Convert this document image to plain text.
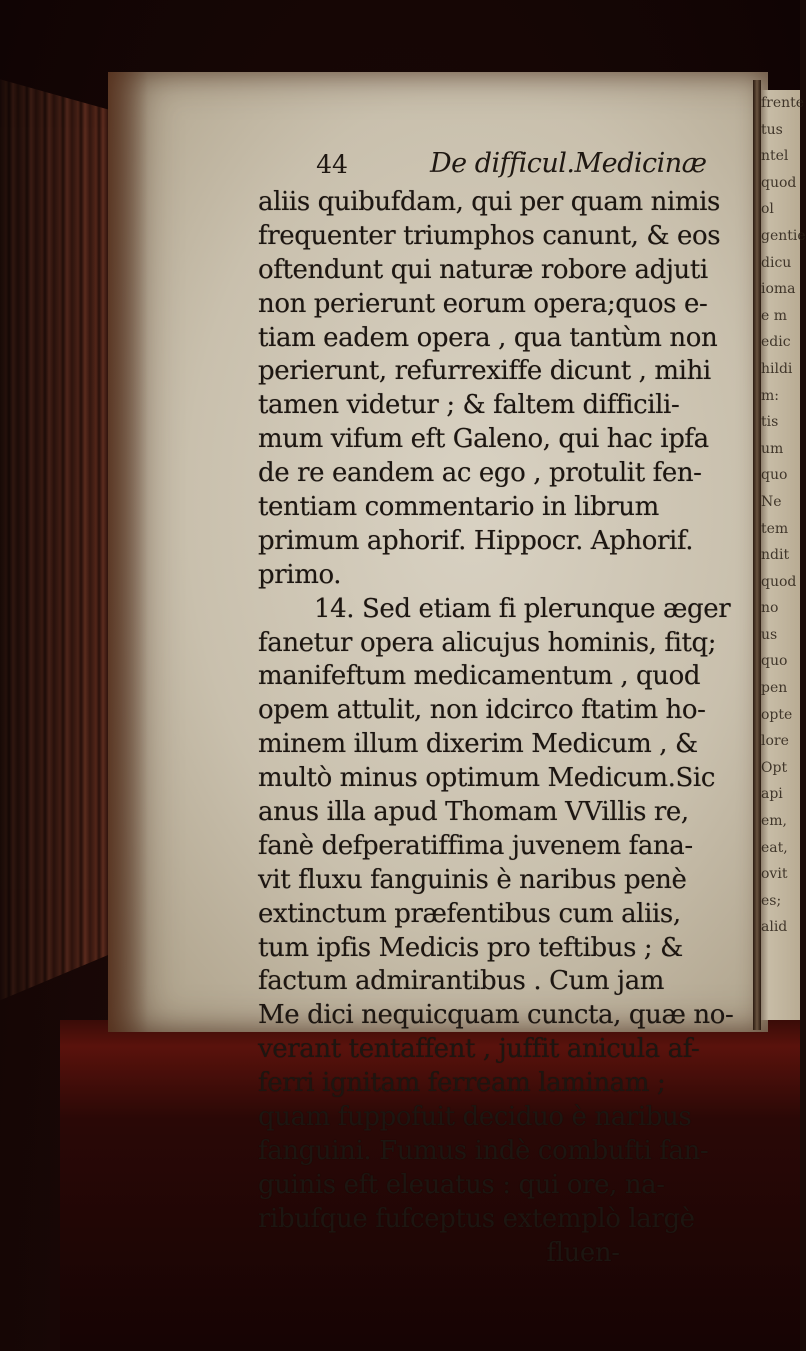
frente
tus
ntel
quod
ol
gentie
dicu
ioma
e m
edic
hildi
m:
tis
um
quo
Ne
tem
ndit
quod
no
us
quo
pen
opte
lore
Opt
api
em,
eat,
ovit
es;
alid
44	De difficul.Medicinæ
aliis quibufdam, qui per quam nimis
frequenter triumphos canunt, & eos
oftendunt qui naturæ robore adjuti
non perierunt eorum opera;quos e-
tiam eadem opera , qua tantùm non
perierunt, refurrexiffe dicunt , mihi
tamen videtur ; & faltem difficili-
mum vifum eft Galeno, qui hac ipfa
de re eandem ac ego , protulit fen-
tentiam commentario in librum
primum aphorif. Hippocr. Aphorif.
primo.
14. Sed etiam fi plerunque æger
fanetur opera alicujus hominis, fitq;
manifeftum medicamentum , quod
opem attulit, non idcirco ftatim ho-
minem illum dixerim Medicum , &
multò minus optimum Medicum.Sic
anus illa apud Thomam VVillis re,
fanè defperatiffima juvenem fana-
vit fluxu fanguinis è naribus penè
extinctum præfentibus cum aliis,
tum ipfis Medicis pro teftibus ; &
factum admirantibus . Cum jam
Me dici nequicquam cuncta, quæ no-
verant tentaffent , juffit anicula af-
ferri ignitam ferream laminam ;
quam fuppofuit deciduo è naribus
fanguini. Fumus indè combufti fan-
guinis eft eleuatus : qui ore, na-
ribufque fufceptus extemplò largè
fluen-
